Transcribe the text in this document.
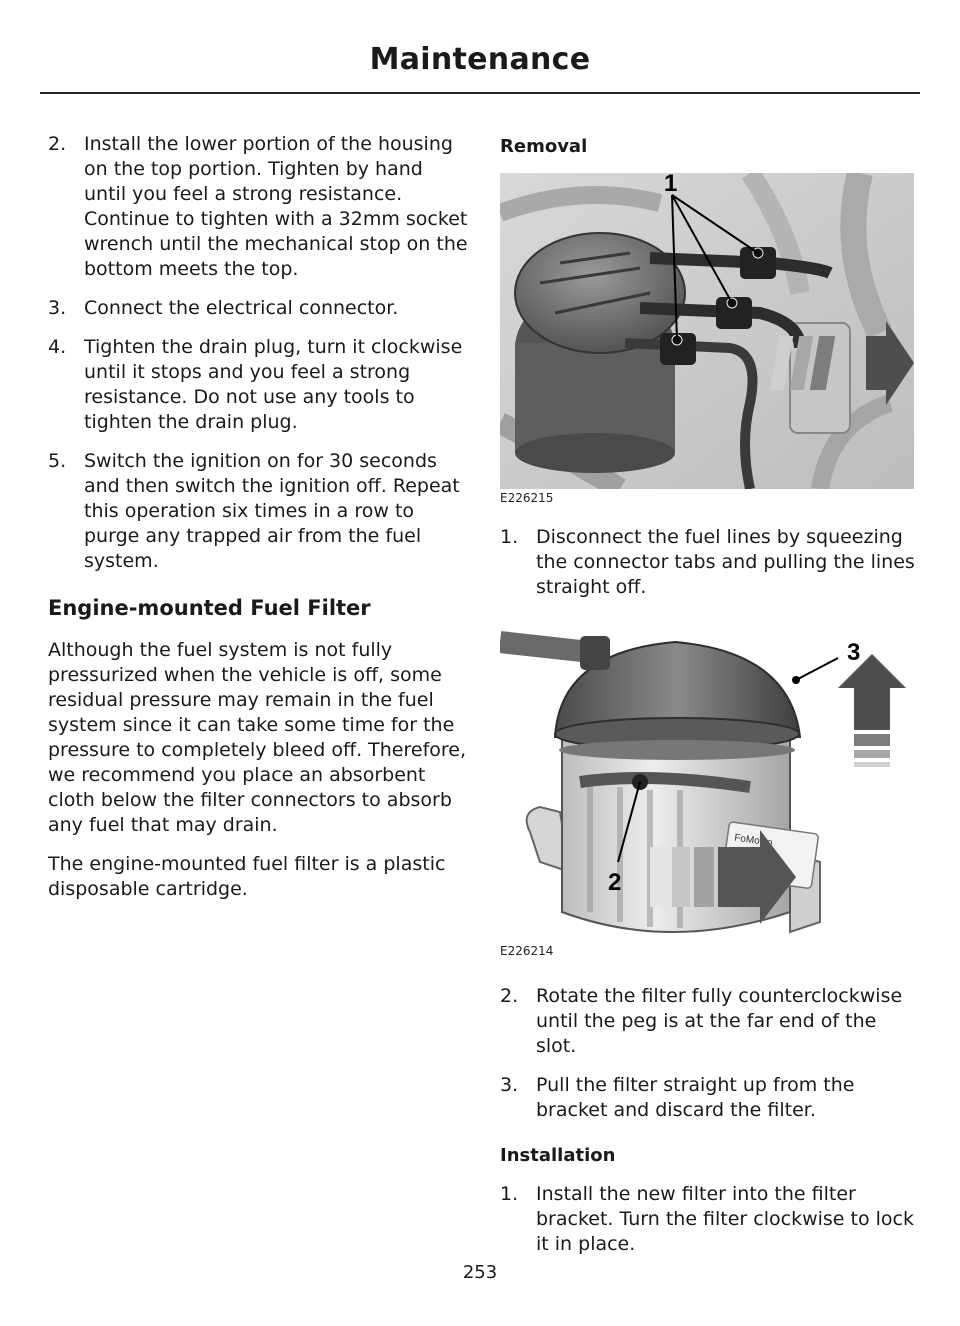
Maintenance
2. Install the lower portion of the housing on the top portion. Tighten by hand until you feel a strong resistance. Continue to tighten with a 32mm socket wrench until the mechanical stop on the bottom meets the top.
3. Connect the electrical connector.
4. Tighten the drain plug, turn it clockwise until it stops and you feel a strong resistance. Do not use any tools to tighten the drain plug.
5. Switch the ignition on for 30 seconds and then switch the ignition off. Repeat this operation six times in a row to purge any trapped air from the fuel system.
Engine-mounted Fuel Filter

Although the fuel system is not fully pressurized when the vehicle is off, some residual pressure may remain in the fuel system since it can take some time for the pressure to completely bleed off. Therefore, we recommend you place an absorbent cloth below the filter connectors to absorb any fuel that may drain.

The engine-mounted fuel filter is a plastic disposable cartridge.

Removal
1
E226215
1. Disconnect the fuel lines by squeezing the connector tabs and pulling the lines straight off.
FoMoCo
3
2
E226214
2. Rotate the filter fully counterclockwise until the peg is at the far end of the slot.
3. Pull the filter straight up from the bracket and discard the filter.
Installation
1. Install the new filter into the filter bracket. Turn the filter clockwise to lock it in place.
253
